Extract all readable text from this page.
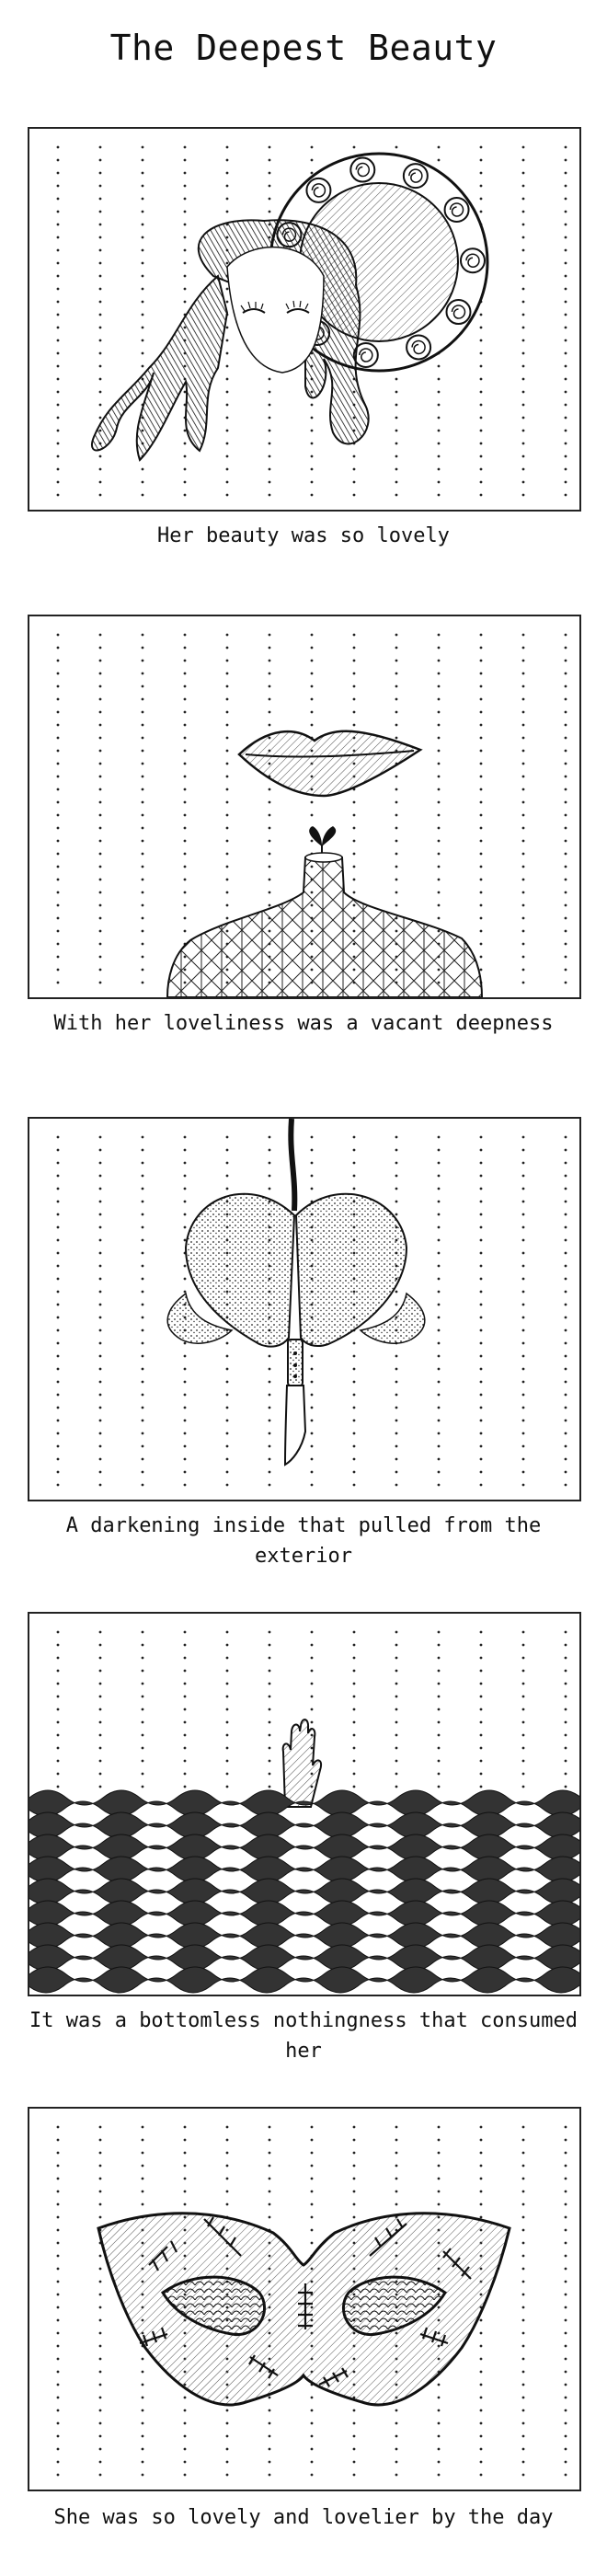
The Deepest Beauty

Her beauty was so lovely

With her loveliness was a vacant deepness

A darkening inside that pulled from the exterior

It was a bottomless nothingness that consumed her

She was so lovely and lovelier by the day
